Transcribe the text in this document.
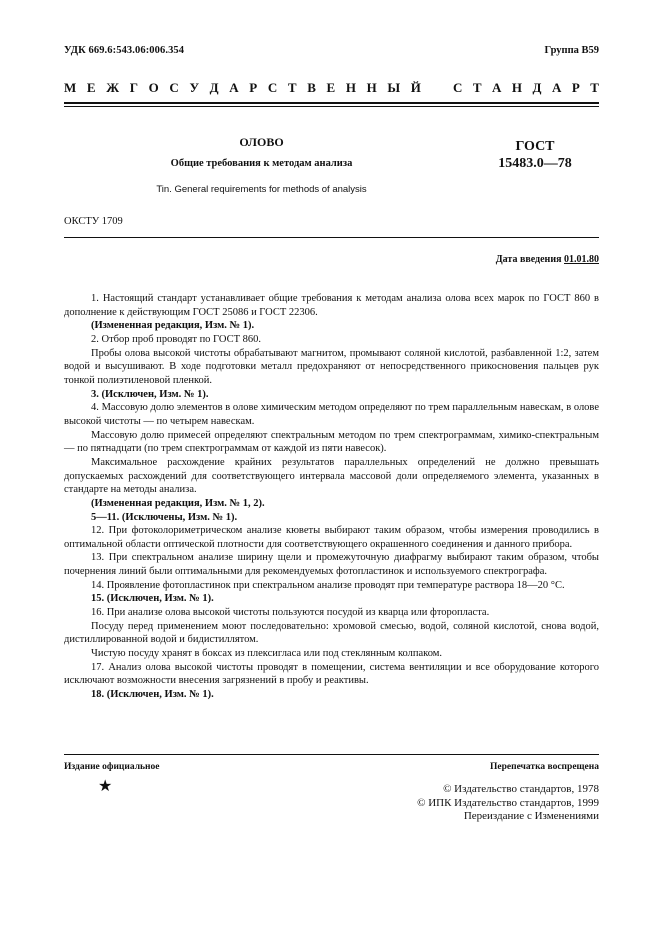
УДК 669.6:543.06:006.354	Группа В59
М Е Ж Г О С У Д А Р С Т В Е Н Н Ы Й С Т А Н Д А Р Т
ОЛОВО
Общие требования к методам анализа
Tin. General requirements for methods of analysis
ГОСТ
15483.0—78
ОКСТУ 1709
Дата введения 01.01.80

1. Настоящий стандарт устанавливает общие требования к методам анализа олова всех марок по ГОСТ 860 в дополнение к действующим ГОСТ 25086 и ГОСТ 22306.

(Измененная редакция, Изм. № 1).

2. Отбор проб проводят по ГОСТ 860.

Пробы олова высокой чистоты обрабатывают магнитом, промывают соляной кислотой, разбавленной 1:2, затем водой и высушивают. В ходе подготовки металл предохраняют от непосредственного прикосновения пальцев рук тонкой полиэтиленовой пленкой.

3. (Исключен, Изм. № 1).

4. Массовую долю элементов в олове химическим методом определяют по трем параллельным навескам, в олове высокой чистоты — по четырем навескам.

Массовую долю примесей определяют спектральным методом по трем спектрограммам, химико-спектральным — по пятнадцати (по трем спектрограммам от каждой из пяти навесок).

Максимальное расхождение крайних результатов параллельных определений не должно превышать допускаемых расхождений для соответствующего интервала массовой доли определяемого элемента, указанных в стандарте на методы анализа.

(Измененная редакция, Изм. № 1, 2).

5—11. (Исключены, Изм. № 1).

12. При фотоколориметрическом анализе кюветы выбирают таким образом, чтобы измерения проводились в оптимальной области оптической плотности для соответствующего окрашенного соединения и данного прибора.

13. При спектральном анализе ширину щели и промежуточную диафрагму выбирают таким образом, чтобы почернения линий были оптимальными для рекомендуемых фотопластинок и используемого спектрографа.

14. Проявление фотопластинок при спектральном анализе проводят при температуре раствора 18—20 °С.

15. (Исключен, Изм. № 1).

16. При анализе олова высокой чистоты пользуются посудой из кварца или фторопласта.

Посуду перед применением моют последовательно: хромовой смесью, водой, соляной кислотой, снова водой, дистиллированной водой и бидистиллятом.

Чистую посуду хранят в боксах из плексигласа или под стеклянным колпаком.

17. Анализ олова высокой чистоты проводят в помещении, система вентиляции и все оборудование которого исключают возможности внесения загрязнений в пробу и реактивы.

18. (Исключен, Изм. № 1).

Издание официальное	Перепечатка воспрещена
★	© Издательство стандартов, 1978
© ИПК Издательство стандартов, 1999
Переиздание с Изменениями
